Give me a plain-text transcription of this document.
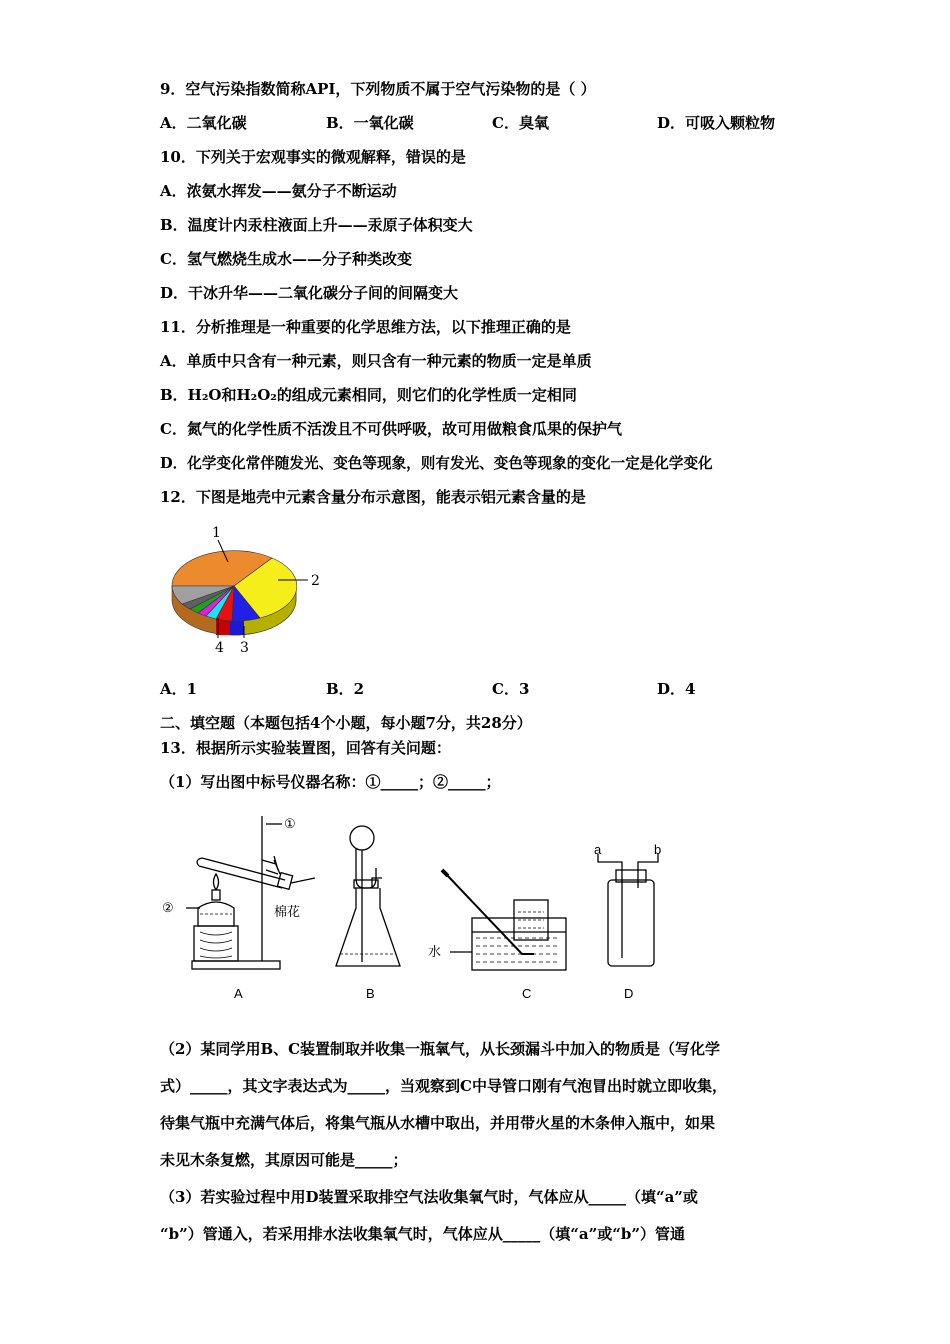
9．空气污染指数简称API，下列物质不属于空气污染物的是（ ）
A．二氧化碳	B．一氧化碳	C．臭氧	D．可吸入颗粒物
10．下列关于宏观事实的微观解释，错误的是
A．浓氨水挥发——氨分子不断运动
B．温度计内汞柱液面上升——汞原子体积变大
C．氢气燃烧生成水——分子种类改变
D．干冰升华——二氧化碳分子间的间隔变大
11．分析推理是一种重要的化学思维方法，以下推理正确的是
A．单质中只含有一种元素，则只含有一种元素的物质一定是单质
B．H₂O和H₂O₂的组成元素相同，则它们的化学性质一定相同
C．氮气的化学性质不活泼且不可供呼吸，故可用做粮食瓜果的保护气
D．化学变化常伴随发光、变色等现象，则有发光、变色等现象的变化一定是化学变化
12．下图是地壳中元素含量分布示意图，能表示铝元素含量的是
1
2
3
4
A．1	B．2	C．3	D．4
二、填空题（本题包括4个小题，每小题7分，共28分）
13．根据所示实验装置图，回答有关问题：
（1）写出图中标号仪器名称：①_____；②_____；
①
②	棉花
水
a	b
A	B	C	D
（2）某同学用B、C装置制取并收集一瓶氧气，从长颈漏斗中加入的物质是（写化学
式）_____，其文字表达式为_____，当观察到C中导管口刚有气泡冒出时就立即收集，
待集气瓶中充满气体后，将集气瓶从水槽中取出，并用带火星的木条伸入瓶中，如果
未见木条复燃，其原因可能是_____；
（3）若实验过程中用D装置采取排空气法收集氧气时，气体应从_____（填“a”或
“b”）管通入，若采用排水法收集氧气时，气体应从_____（填“a”或“b”）管通
